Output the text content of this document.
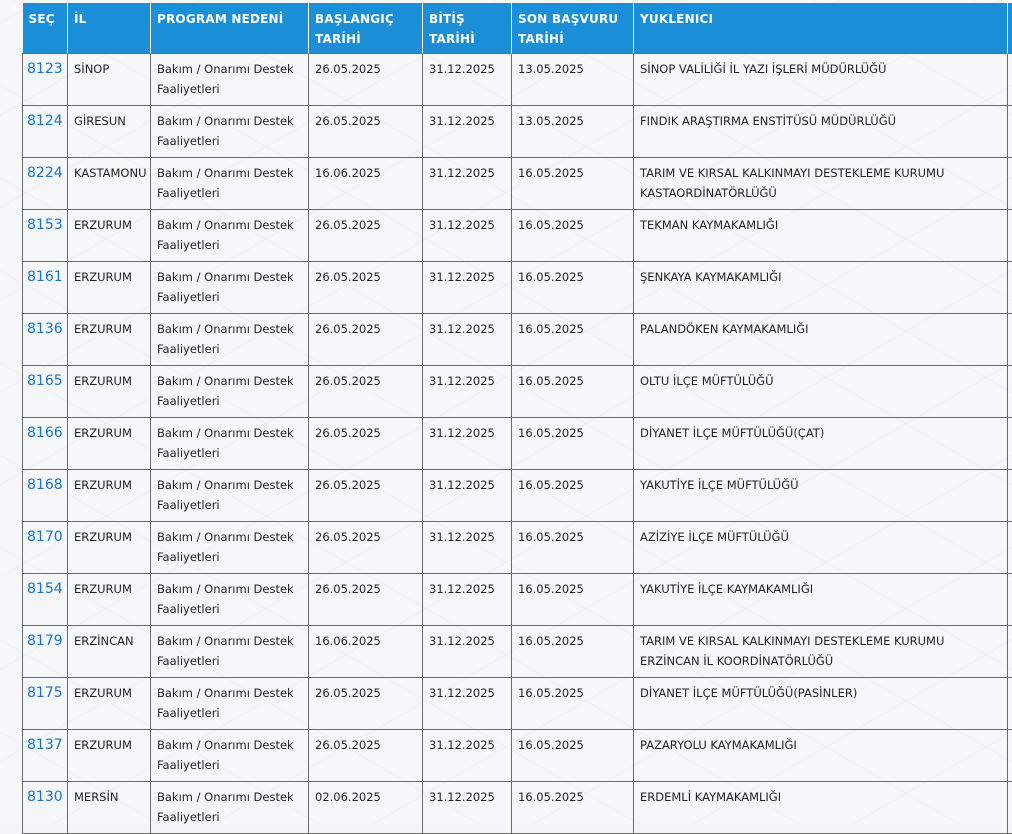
SEÇ	İL	PROGRAM NEDENİ	BAŞLANGIÇ TARİHİ	BİTİŞ TARİHİ	SON BAŞVURU TARİHİ	YUKLENICI	
8123	SİNOP	Bakım / Onarımı Destek Faaliyetleri	26.05.2025	31.12.2025	13.05.2025	SİNOP VALİLİĞİ İL YAZI İŞLERİ MÜDÜRLÜĞÜ	
8124	GİRESUN	Bakım / Onarımı Destek Faaliyetleri	26.05.2025	31.12.2025	13.05.2025	FINDIK ARAŞTIRMA ENSTİTÜSÜ MÜDÜRLÜĞÜ	
8224	KASTAMONU	Bakım / Onarımı Destek Faaliyetleri	16.06.2025	31.12.2025	16.05.2025	TARIM VE KIRSAL KALKINMAYI DESTEKLEME KURUMU KASTAORDİNATÖRLÜĞÜ	
8153	ERZURUM	Bakım / Onarımı Destek Faaliyetleri	26.05.2025	31.12.2025	16.05.2025	TEKMAN KAYMAKAMLIĞI	
8161	ERZURUM	Bakım / Onarımı Destek Faaliyetleri	26.05.2025	31.12.2025	16.05.2025	ŞENKAYA KAYMAKAMLIĞI	
8136	ERZURUM	Bakım / Onarımı Destek Faaliyetleri	26.05.2025	31.12.2025	16.05.2025	PALANDÖKEN KAYMAKAMLIĞI	
8165	ERZURUM	Bakım / Onarımı Destek Faaliyetleri	26.05.2025	31.12.2025	16.05.2025	OLTU İLÇE MÜFTÜLÜĞÜ	
8166	ERZURUM	Bakım / Onarımı Destek Faaliyetleri	26.05.2025	31.12.2025	16.05.2025	DİYANET İLÇE MÜFTÜLÜĞÜ(ÇAT)	
8168	ERZURUM	Bakım / Onarımı Destek Faaliyetleri	26.05.2025	31.12.2025	16.05.2025	YAKUTİYE İLÇE MÜFTÜLÜĞÜ	
8170	ERZURUM	Bakım / Onarımı Destek Faaliyetleri	26.05.2025	31.12.2025	16.05.2025	AZİZİYE İLÇE MÜFTÜLÜĞÜ	
8154	ERZURUM	Bakım / Onarımı Destek Faaliyetleri	26.05.2025	31.12.2025	16.05.2025	YAKUTİYE İLÇE KAYMAKAMLIĞI	
8179	ERZİNCAN	Bakım / Onarımı Destek Faaliyetleri	16.06.2025	31.12.2025	16.05.2025	TARIM VE KIRSAL KALKINMAYI DESTEKLEME KURUMU ERZİNCAN İL KOORDİNATÖRLÜĞÜ	
8175	ERZURUM	Bakım / Onarımı Destek Faaliyetleri	26.05.2025	31.12.2025	16.05.2025	DİYANET İLÇE MÜFTÜLÜĞÜ(PASİNLER)	
8137	ERZURUM	Bakım / Onarımı Destek Faaliyetleri	26.05.2025	31.12.2025	16.05.2025	PAZARYOLU KAYMAKAMLIĞI	
8130	MERSİN	Bakım / Onarımı Destek Faaliyetleri	02.06.2025	31.12.2025	16.05.2025	ERDEMLİ KAYMAKAMLIĞI	
